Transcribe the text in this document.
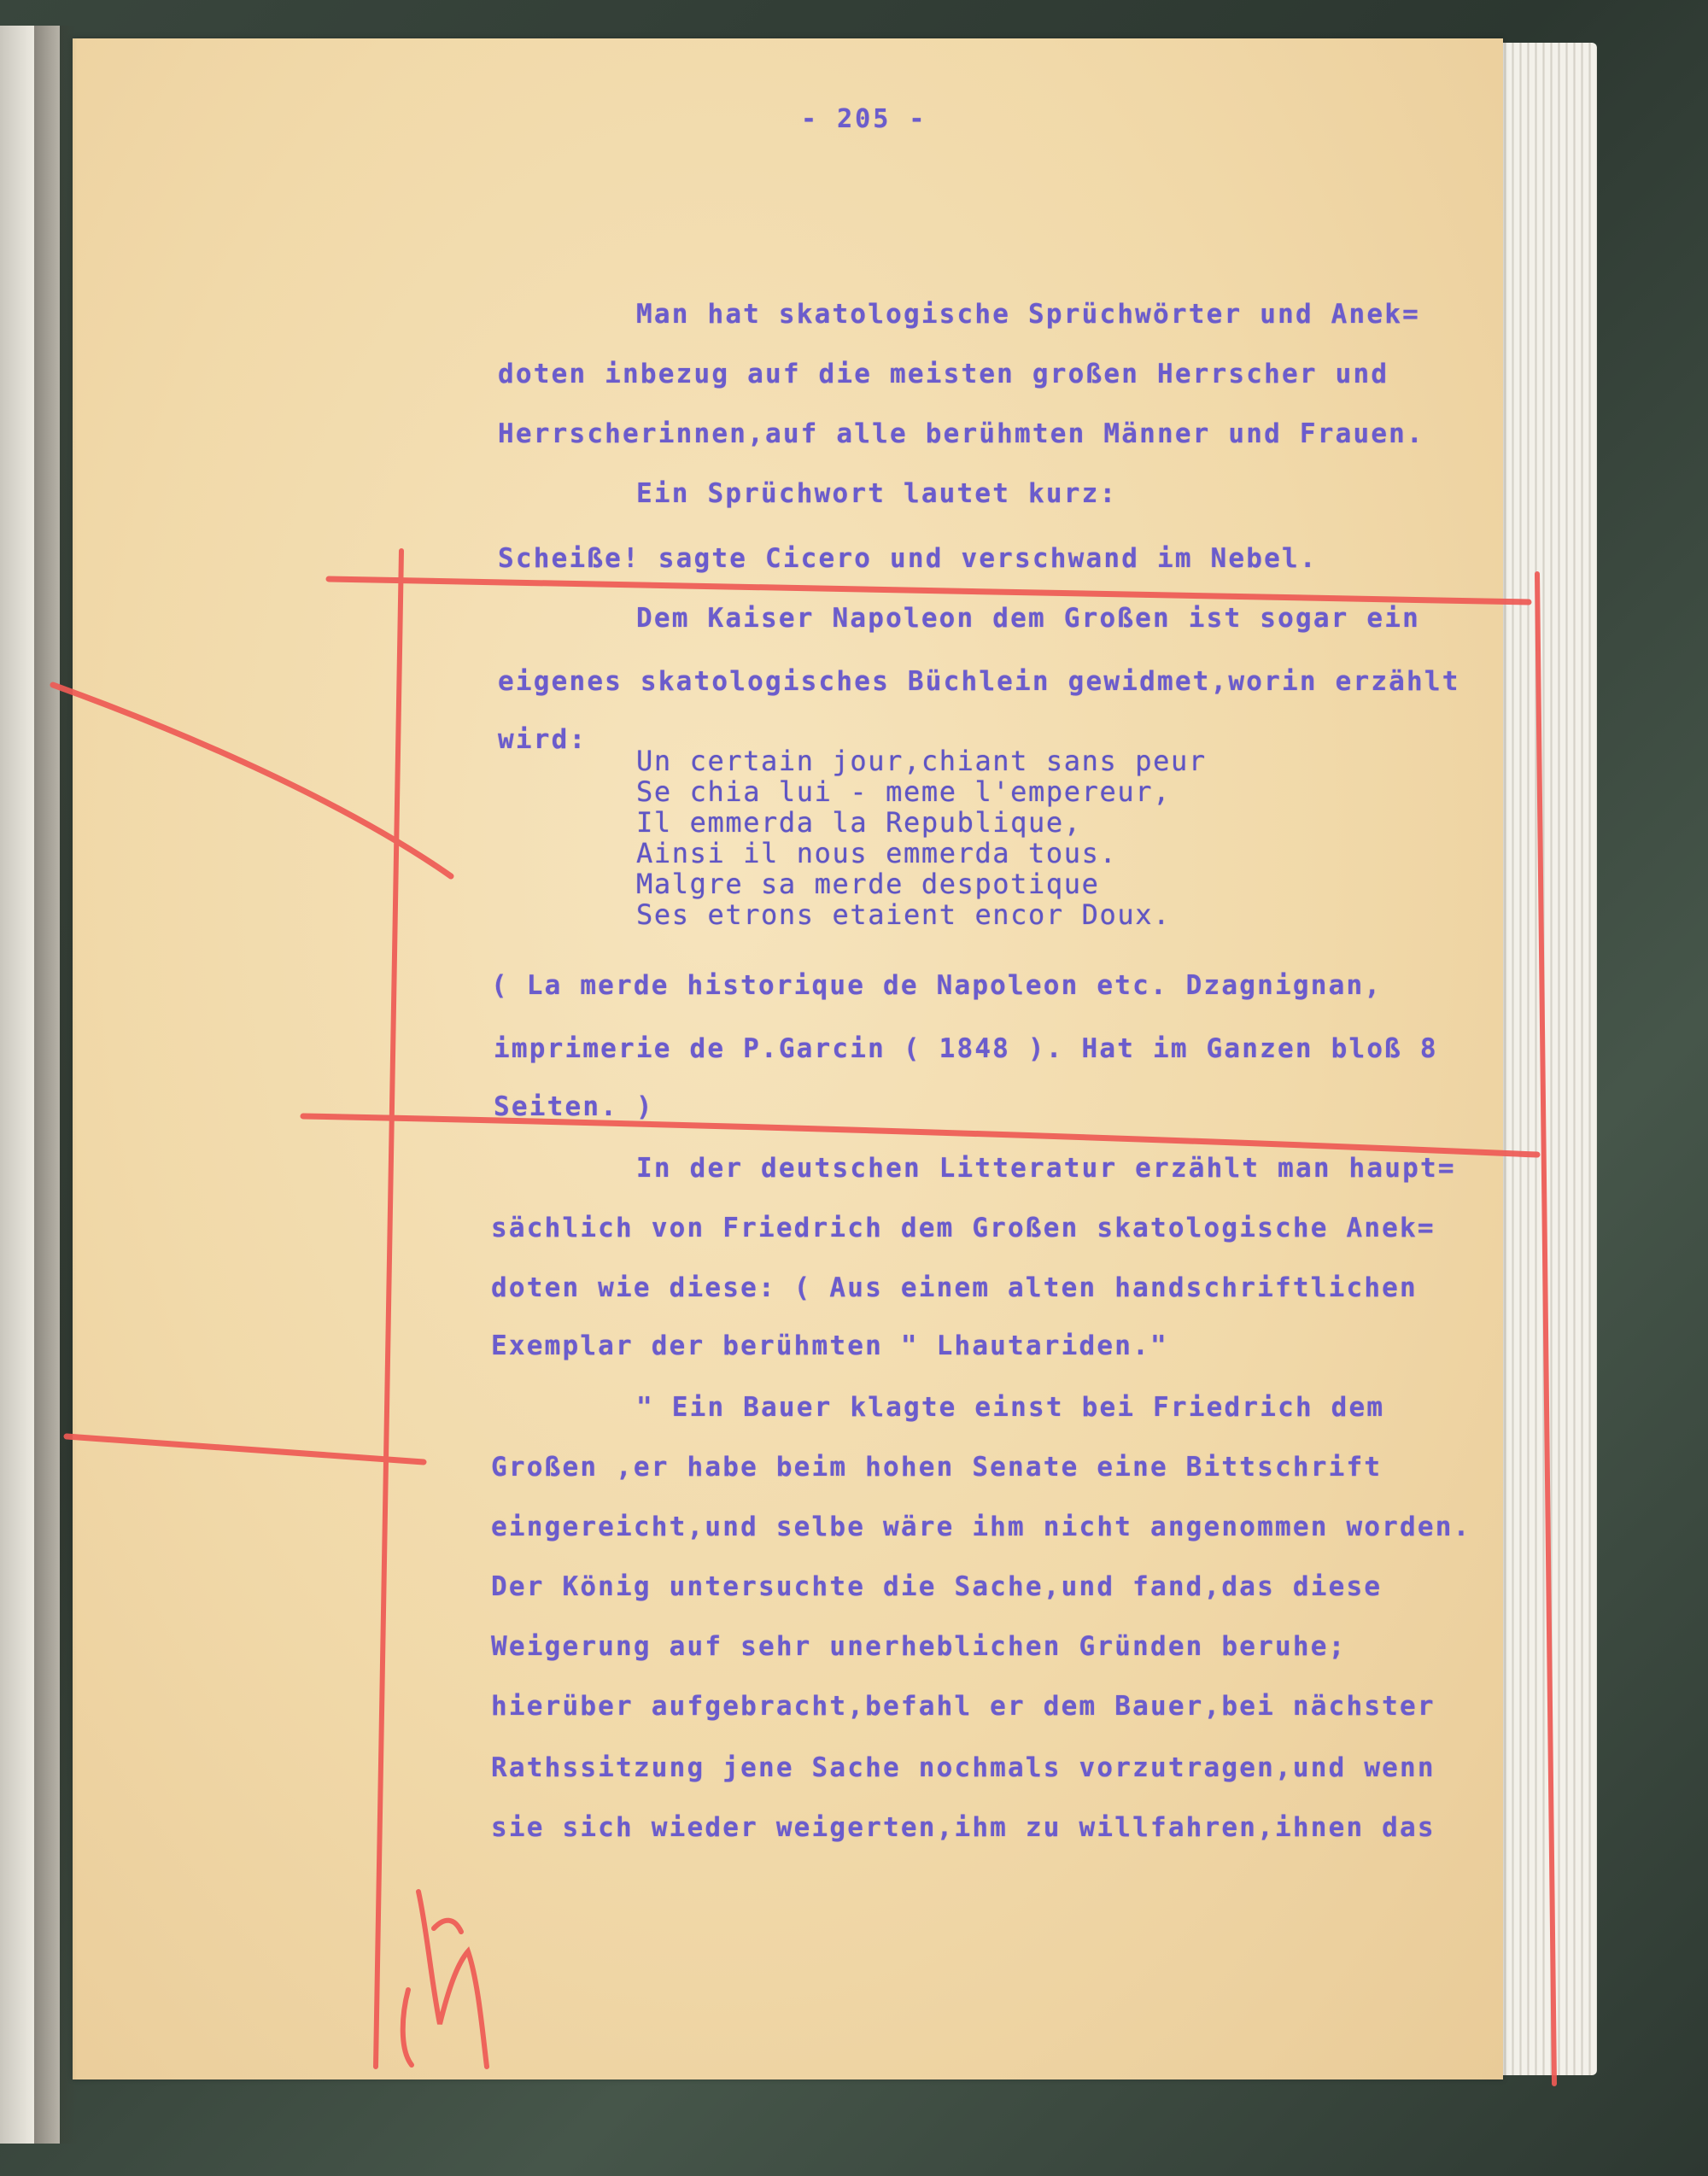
- 205 -

Man hat skatologische Sprüchwörter und Anek=

doten inbezug auf die meisten großen Herrscher und

Herrscherinnen,auf alle berühmten Männer und Frauen.

Ein Sprüchwort lautet kurz:

Scheiße! sagte Cicero und verschwand im Nebel.

Dem Kaiser Napoleon dem Großen ist sogar ein

eigenes skatologisches Büchlein gewidmet,worin erzählt

wird:

Un certain jour,chiant sans peur
Se chia lui - meme l'empereur,
Il emmerda la Republique,
Ainsi il nous emmerda tous.
Malgre sa merde despotique
Ses etrons etaient encor Doux.

( La merde historique de Napoleon etc. Dzagnignan,

imprimerie de P.Garcin ( 1848 ). Hat im Ganzen bloß 8

Seiten. )

In der deutschen Litteratur erzählt man haupt=

sächlich von Friedrich dem Großen skatologische Anek=

doten wie diese: ( Aus einem alten handschriftlichen

Exemplar der berühmten " Lhautariden."

" Ein Bauer klagte einst bei Friedrich dem

Großen ,er habe beim hohen Senate eine Bittschrift

eingereicht,und selbe wäre ihm nicht angenommen worden.

Der König untersuchte die Sache,und fand,das diese

Weigerung auf sehr unerheblichen Gründen beruhe;

hierüber aufgebracht,befahl er dem Bauer,bei nächster

Rathssitzung jene Sache nochmals vorzutragen,und wenn

sie sich wieder weigerten,ihm zu willfahren,ihnen das
